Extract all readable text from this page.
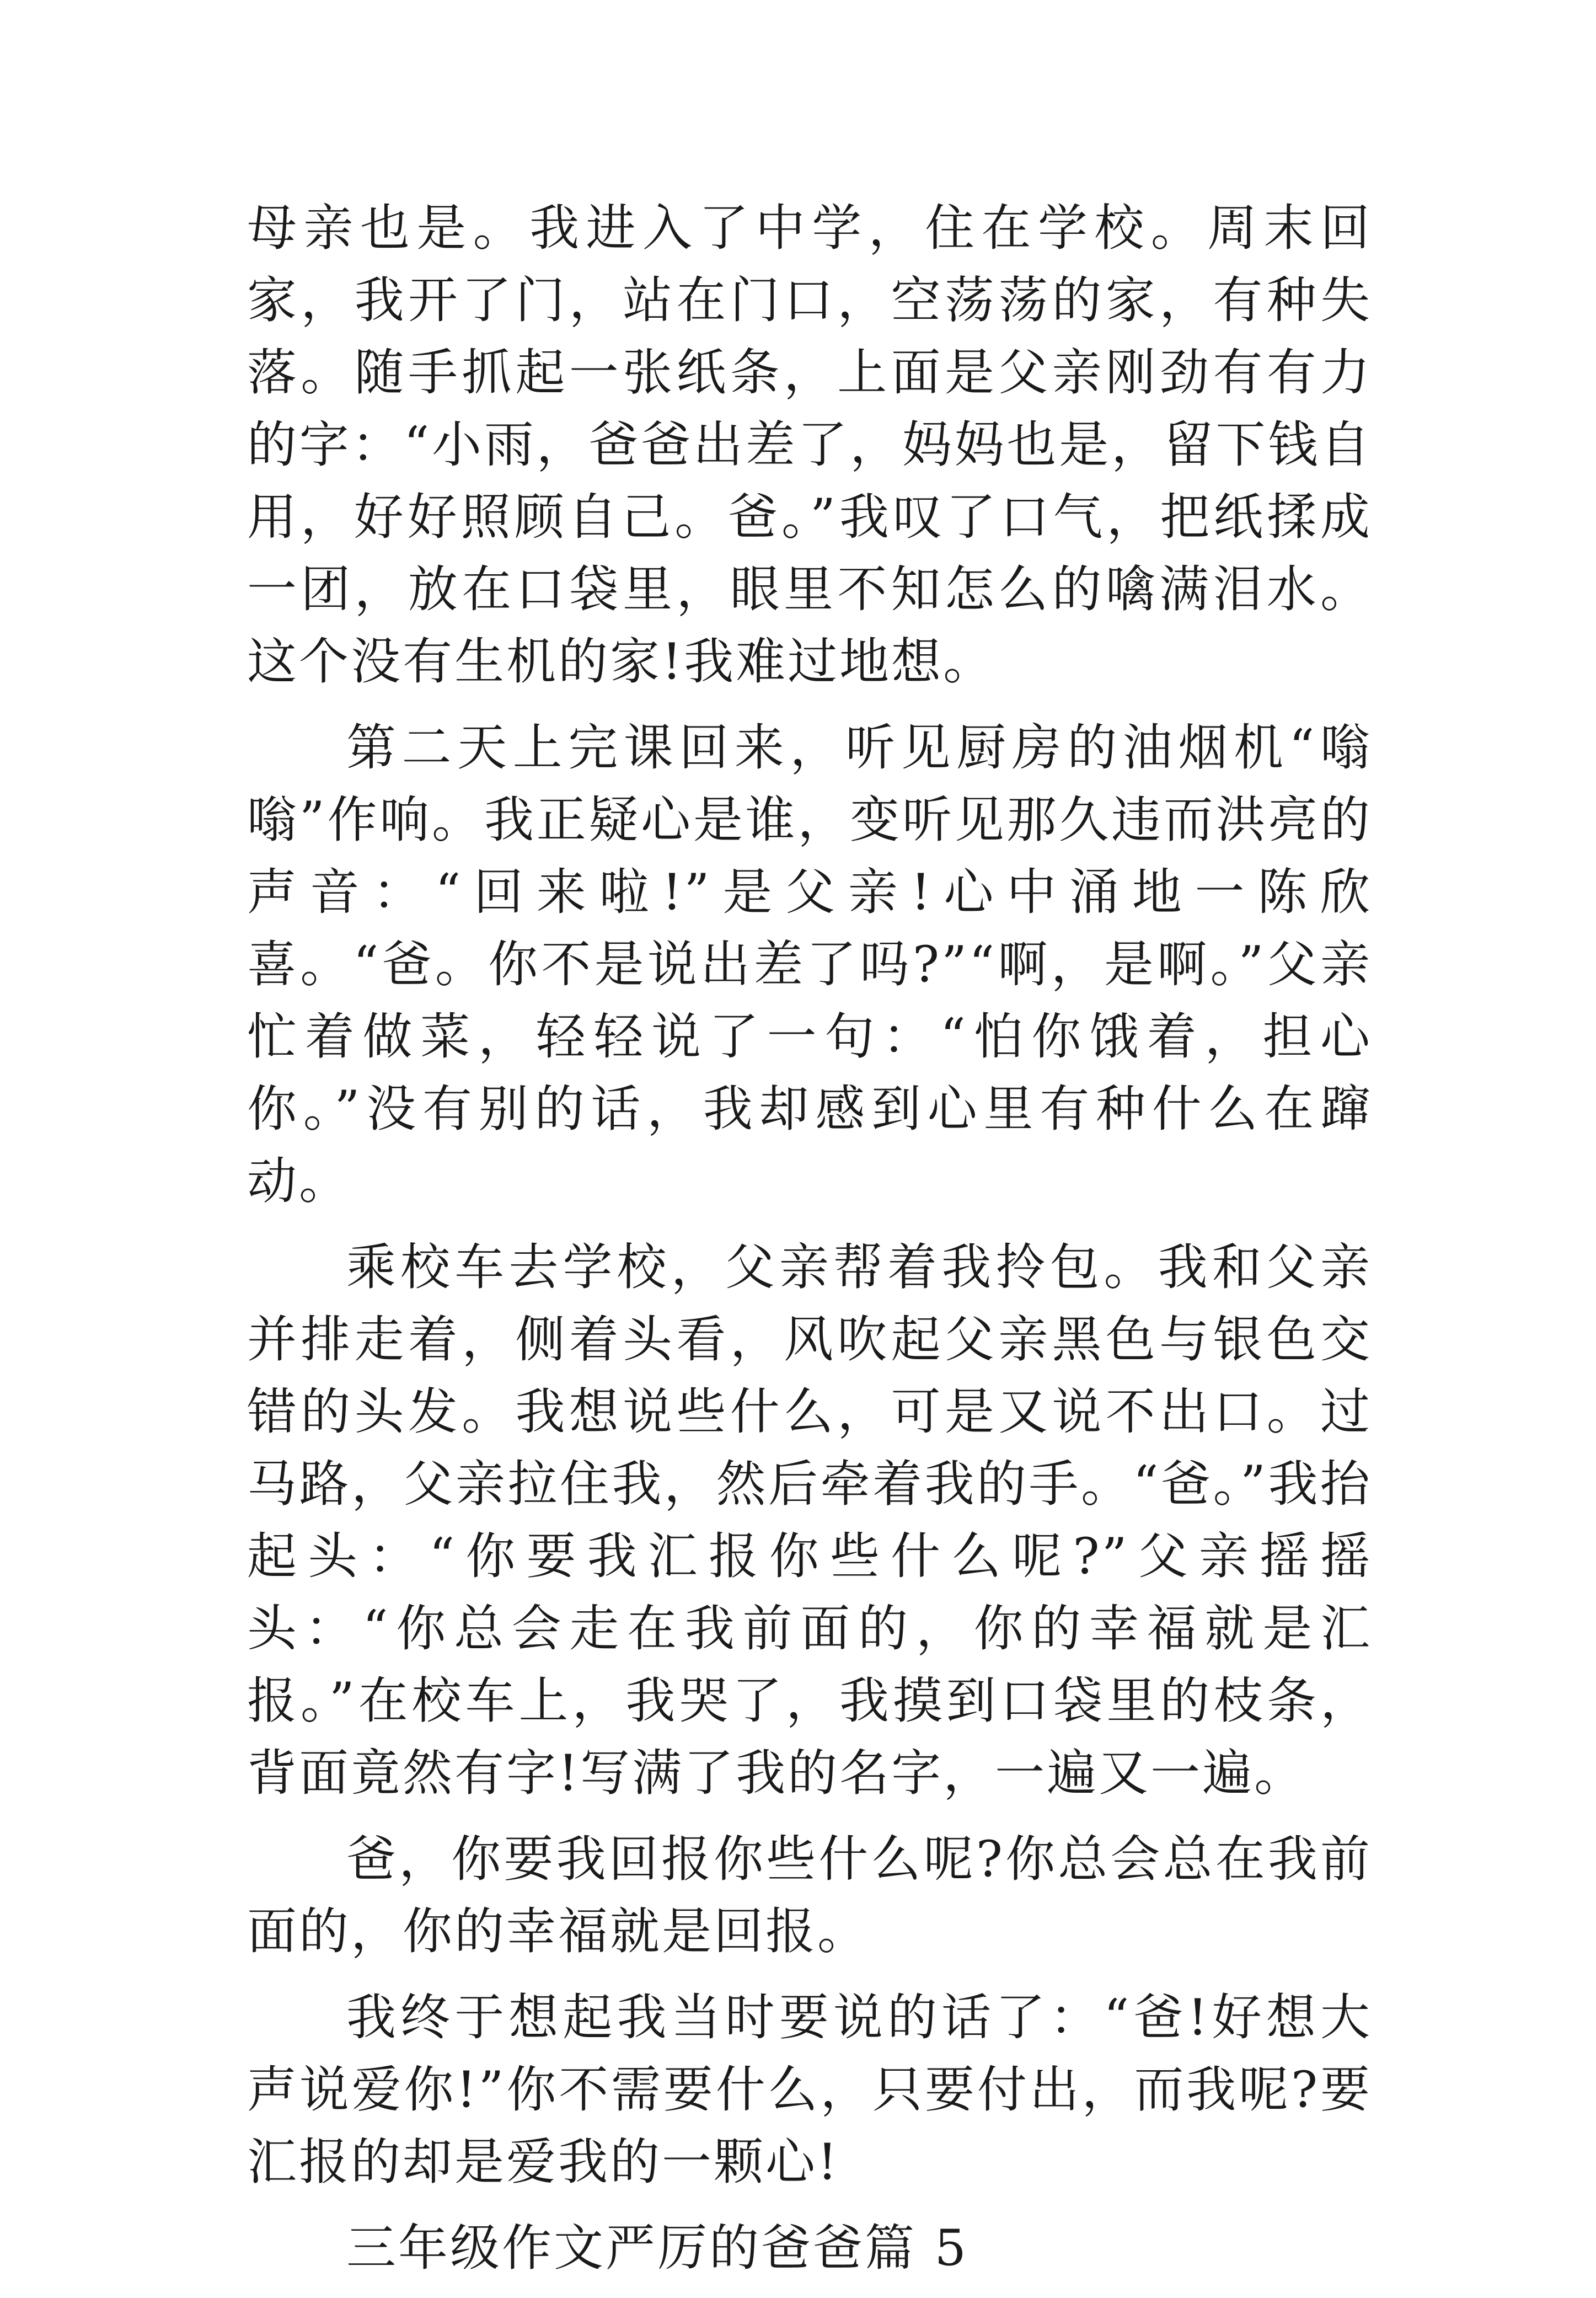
母亲也是。我进入了中学，住在学校。周末回家，我开了门，站在门口，空荡荡的家，有种失落。随手抓起一张纸条，上面是父亲刚劲有有力的字：“小雨，爸爸出差了，妈妈也是，留下钱自用，好好照顾自己。爸。”我叹了口气，把纸揉成一团，放在口袋里，眼里不知怎么的噙满泪水。这个没有生机的家!我难过地想。

第二天上完课回来，听见厨房的油烟机“嗡嗡”作响。我正疑心是谁，变听见那久违而洪亮的声音：“回来啦!”是父亲!心中涌地一陈欣喜。“爸。你不是说出差了吗?”“啊，是啊。”父亲忙着做菜，轻轻说了一句：“怕你饿着，担心你。”没有别的话，我却感到心里有种什么在蹿动。

乘校车去学校，父亲帮着我拎包。我和父亲并排走着，侧着头看，风吹起父亲黑色与银色交错的头发。我想说些什么，可是又说不出口。过马路，父亲拉住我，然后牵着我的手。“爸。”我抬起头：“你要我汇报你些什么呢?”父亲摇摇头：“你总会走在我前面的，你的幸福就是汇报。”在校车上，我哭了，我摸到口袋里的枝条，背面竟然有字!写满了我的名字，一遍又一遍。

爸，你要我回报你些什么呢?你总会总在我前面的，你的幸福就是回报。

我终于想起我当时要说的话了：“爸!好想大声说爱你!”你不需要什么，只要付出，而我呢?要汇报的却是爱我的一颗心!

三年级作文严厉的爸爸篇 5
